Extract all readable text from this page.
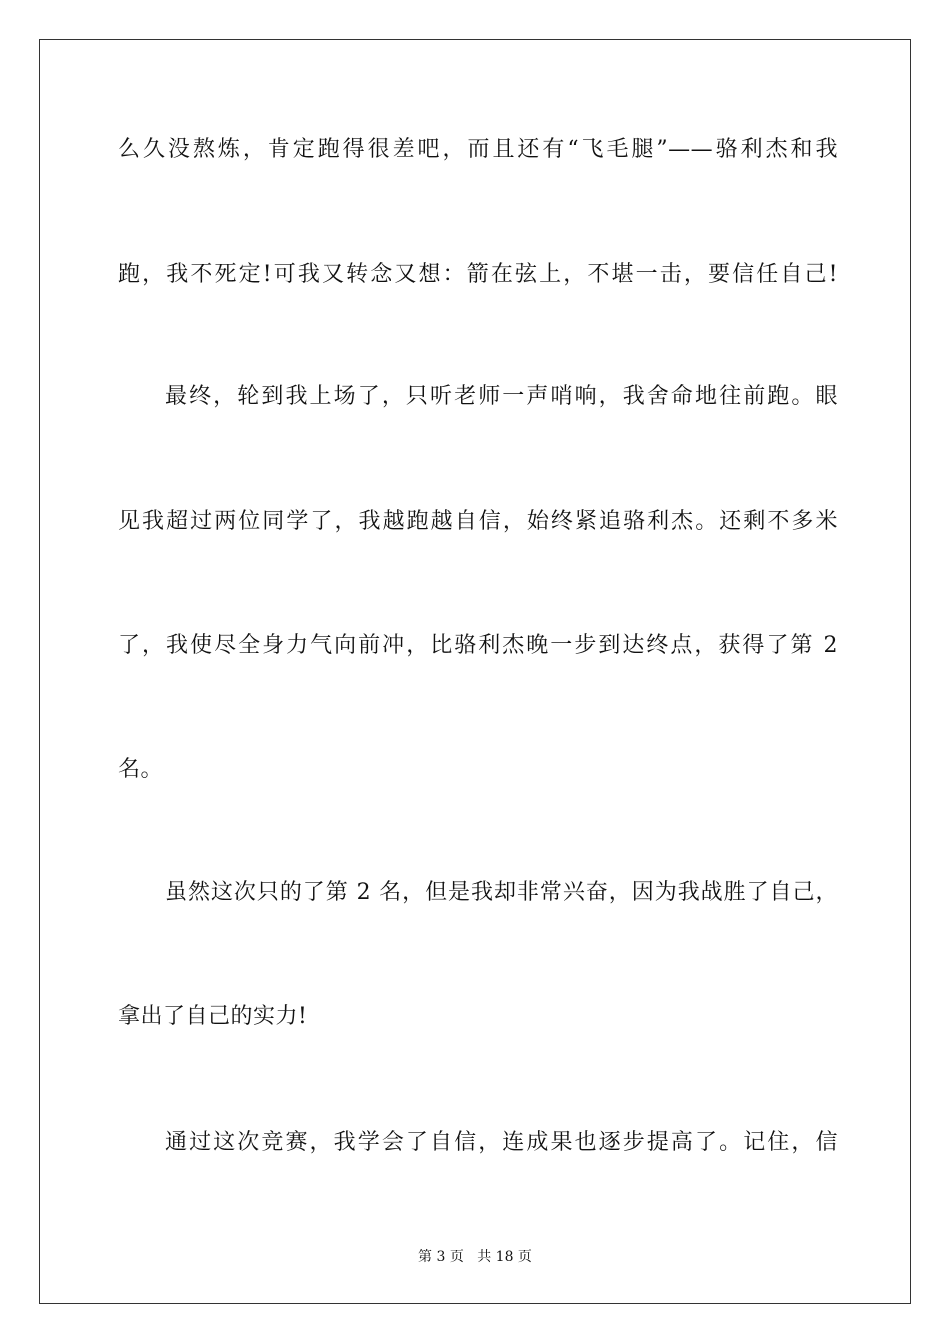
么久没熬炼，肯定跑得很差吧，而且还有“飞毛腿”——骆利杰和我
跑，我不死定!可我又转念又想：箭在弦上，不堪一击，要信任自己!
最终，轮到我上场了，只听老师一声哨响，我舍命地往前跑。眼
见我超过两位同学了，我越跑越自信，始终紧追骆利杰。还剩不多米
了，我使尽全身力气向前冲，比骆利杰晚一步到达终点，获得了第 2
名。
虽然这次只的了第 2 名，但是我却非常兴奋，因为我战胜了自己，
拿出了自己的实力!
通过这次竞赛，我学会了自信，连成果也逐步提高了。记住，信
第 3 页 共 18 页
